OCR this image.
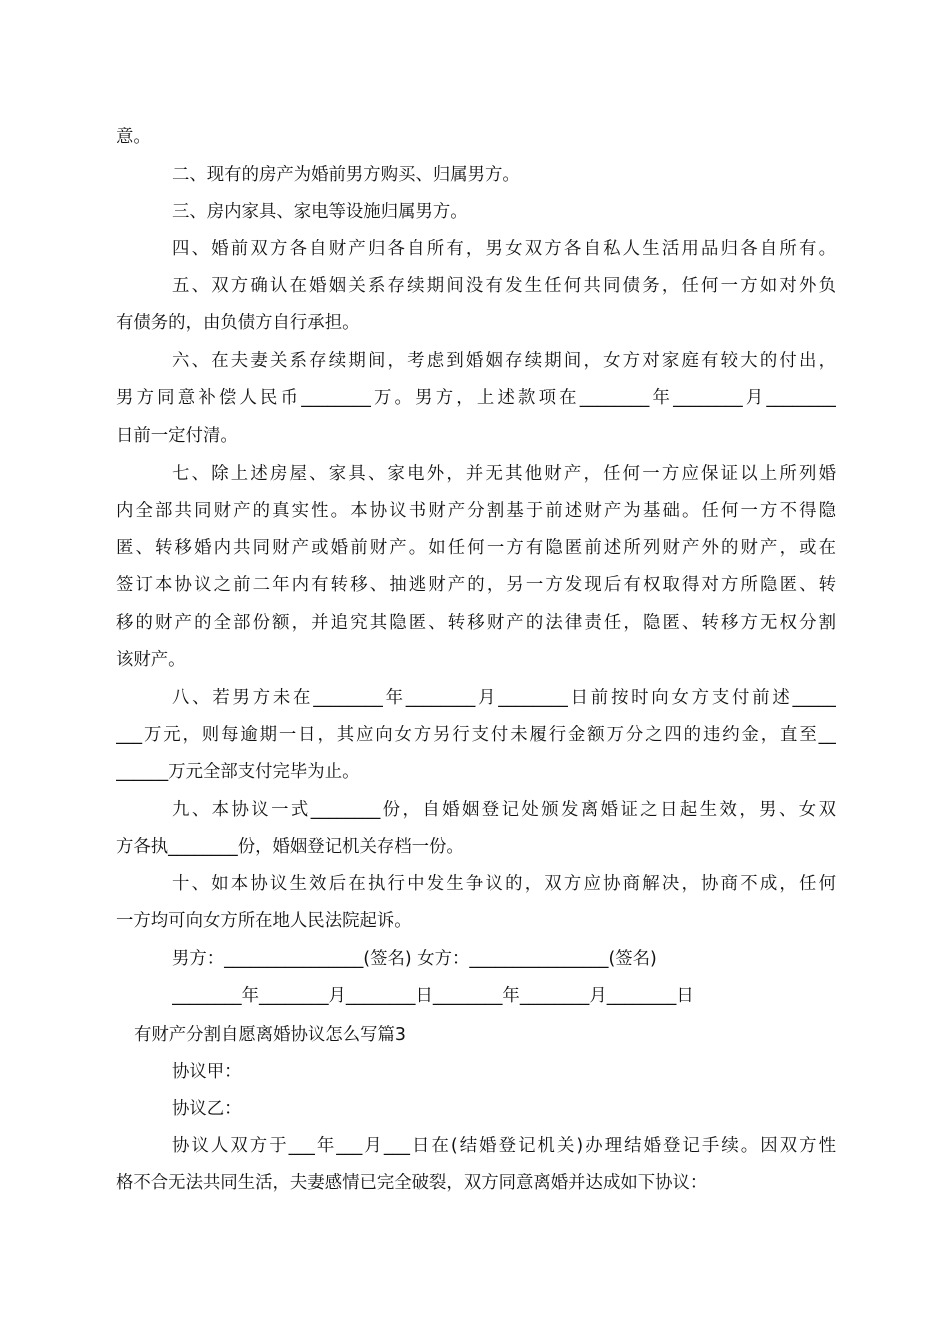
意。
二、现有的房产为婚前男方购买、归属男方。
三、房内家具、家电等设施归属男方。
四、婚前双方各自财产归各自所有，男女双方各自私人生活用品归各自所有。
五、双方确认在婚姻关系存续期间没有发生任何共同债务，任何一方如对外负
有债务的，由负债方自行承担。
六、在夫妻关系存续期间，考虑到婚姻存续期间，女方对家庭有较大的付出，
男方同意补偿人民币________万。男方，上述款项在________年________月________
日前一定付清。
七、除上述房屋、家具、家电外，并无其他财产，任何一方应保证以上所列婚
内全部共同财产的真实性。本协议书财产分割基于前述财产为基础。任何一方不得隐
匿、转移婚内共同财产或婚前财产。如任何一方有隐匿前述所列财产外的财产，或在
签订本协议之前二年内有转移、抽逃财产的，另一方发现后有权取得对方所隐匿、转
移的财产的全部份额，并追究其隐匿、转移财产的法律责任，隐匿、转移方无权分割
该财产。
八、若男方未在________年________月________日前按时向女方支付前述_____
___万元，则每逾期一日，其应向女方另行支付未履行金额万分之四的违约金，直至__
______万元全部支付完毕为止。
九、本协议一式________份，自婚姻登记处颁发离婚证之日起生效，男、女双
方各执________份，婚姻登记机关存档一份。
十、如本协议生效后在执行中发生争议的，双方应协商解决，协商不成，任何
一方均可向女方所在地人民法院起诉。
男方：________________(签名) 女方：________________(签名)
________年________月________日________年________月________日
有财产分割自愿离婚协议怎么写篇3
协议甲：
协议乙：
协议人双方于___年___月___日在(结婚登记机关)办理结婚登记手续。因双方性
格不合无法共同生活，夫妻感情已完全破裂，双方同意离婚并达成如下协议：
